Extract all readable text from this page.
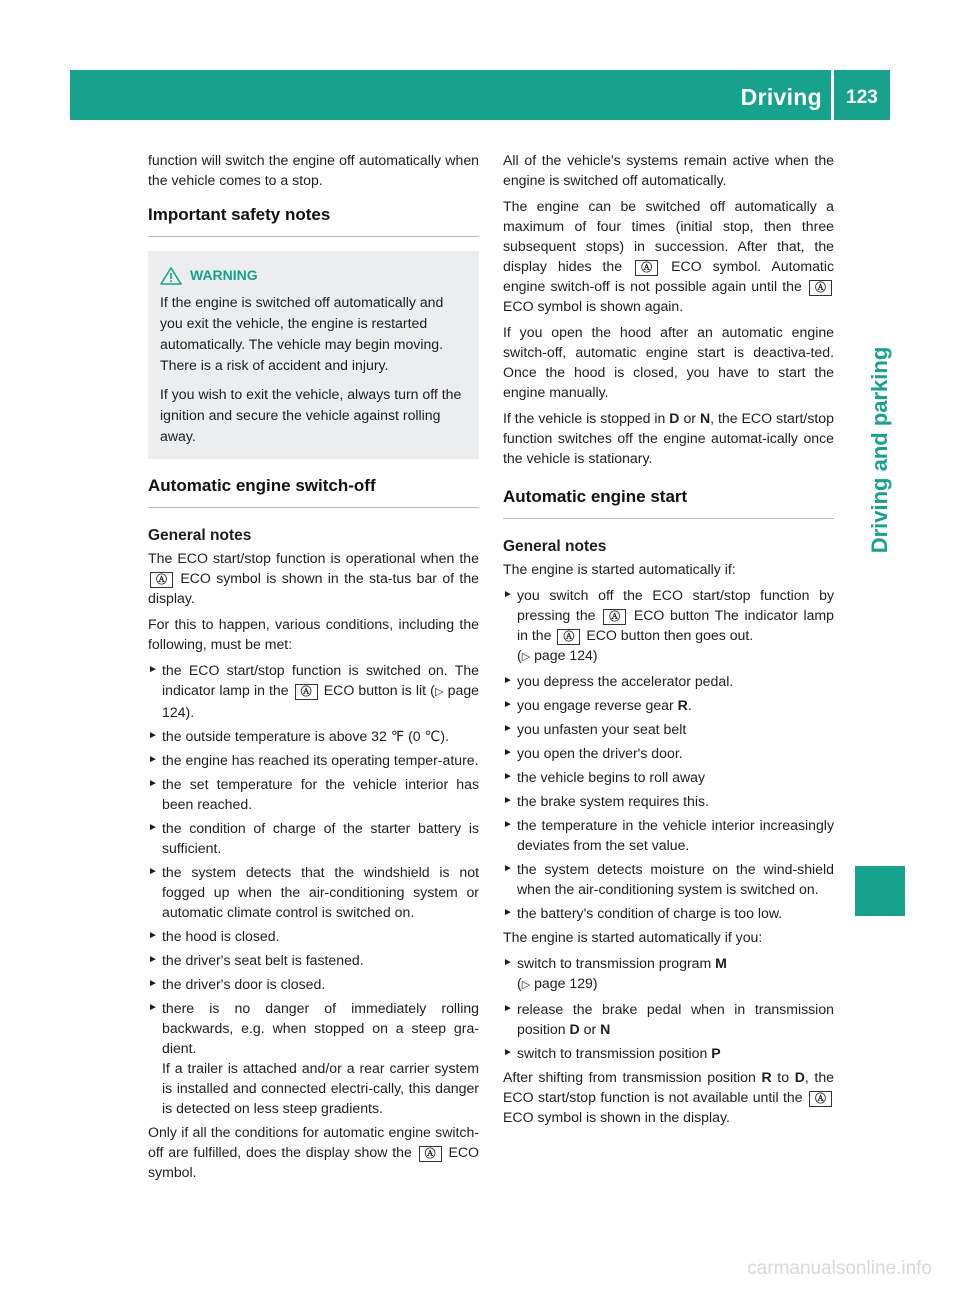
Driving	123
Driving and parking

function will switch the engine off automatically when the vehicle comes to a stop.

Important safety notes
WARNING

If the engine is switched off automatically and you exit the vehicle, the engine is restarted automatically. The vehicle may begin moving. There is a risk of accident and injury.

If you wish to exit the vehicle, always turn off the ignition and secure the vehicle against rolling away.

Automatic engine switch-off
General notes

The ECO start/stop function is operational when the Ⓐ ECO symbol is shown in the sta-tus bar of the display.

For this to happen, various conditions, including the following, must be met:

► the ECO start/stop function is switched on. The indicator lamp in the Ⓐ ECO button is lit (▷ page 124).
► the outside temperature is above 32 ℉ (0 ℃).
► the engine has reached its operating temper-ature.
► the set temperature for the vehicle interior has been reached.
► the condition of charge of the starter battery is sufficient.
► the system detects that the windshield is not fogged up when the air-conditioning system or automatic climate control is switched on.
► the hood is closed.
► the driver's seat belt is fastened.
► the driver's door is closed.
► there is no danger of immediately rolling backwards, e.g. when stopped on a steep gra-dient.
If a trailer is attached and/or a rear carrier system is installed and connected electri-cally, this danger is detected on less steep gradients.

Only if all the conditions for automatic engine switch-off are fulfilled, does the display show the Ⓐ ECO symbol.

All of the vehicle's systems remain active when the engine is switched off automatically.

The engine can be switched off automatically a maximum of four times (initial stop, then three subsequent stops) in succession. After that, the display hides the Ⓐ ECO symbol. Automatic engine switch-off is not possible again until the Ⓐ ECO symbol is shown again.

If you open the hood after an automatic engine switch-off, automatic engine start is deactiva-ted. Once the hood is closed, you have to start the engine manually.

If the vehicle is stopped in D or N, the ECO start/stop function switches off the engine automat-ically once the vehicle is stationary.

Automatic engine start
General notes

The engine is started automatically if:

► you switch off the ECO start/stop function by pressing the Ⓐ ECO button The indicator lamp in the Ⓐ ECO button then goes out.
(▷ page 124)
► you depress the accelerator pedal.
► you engage reverse gear R.
► you unfasten your seat belt
► you open the driver's door.
► the vehicle begins to roll away
► the brake system requires this.
► the temperature in the vehicle interior increasingly deviates from the set value.
► the system detects moisture on the wind-shield when the air-conditioning system is switched on.
► the battery's condition of charge is too low.

The engine is started automatically if you:

► switch to transmission program M
(▷ page 129)
► release the brake pedal when in transmission position D or N
► switch to transmission position P

After shifting from transmission position R to D, the ECO start/stop function is not available until the Ⓐ ECO symbol is shown in the display.

carmanualsonline.info
